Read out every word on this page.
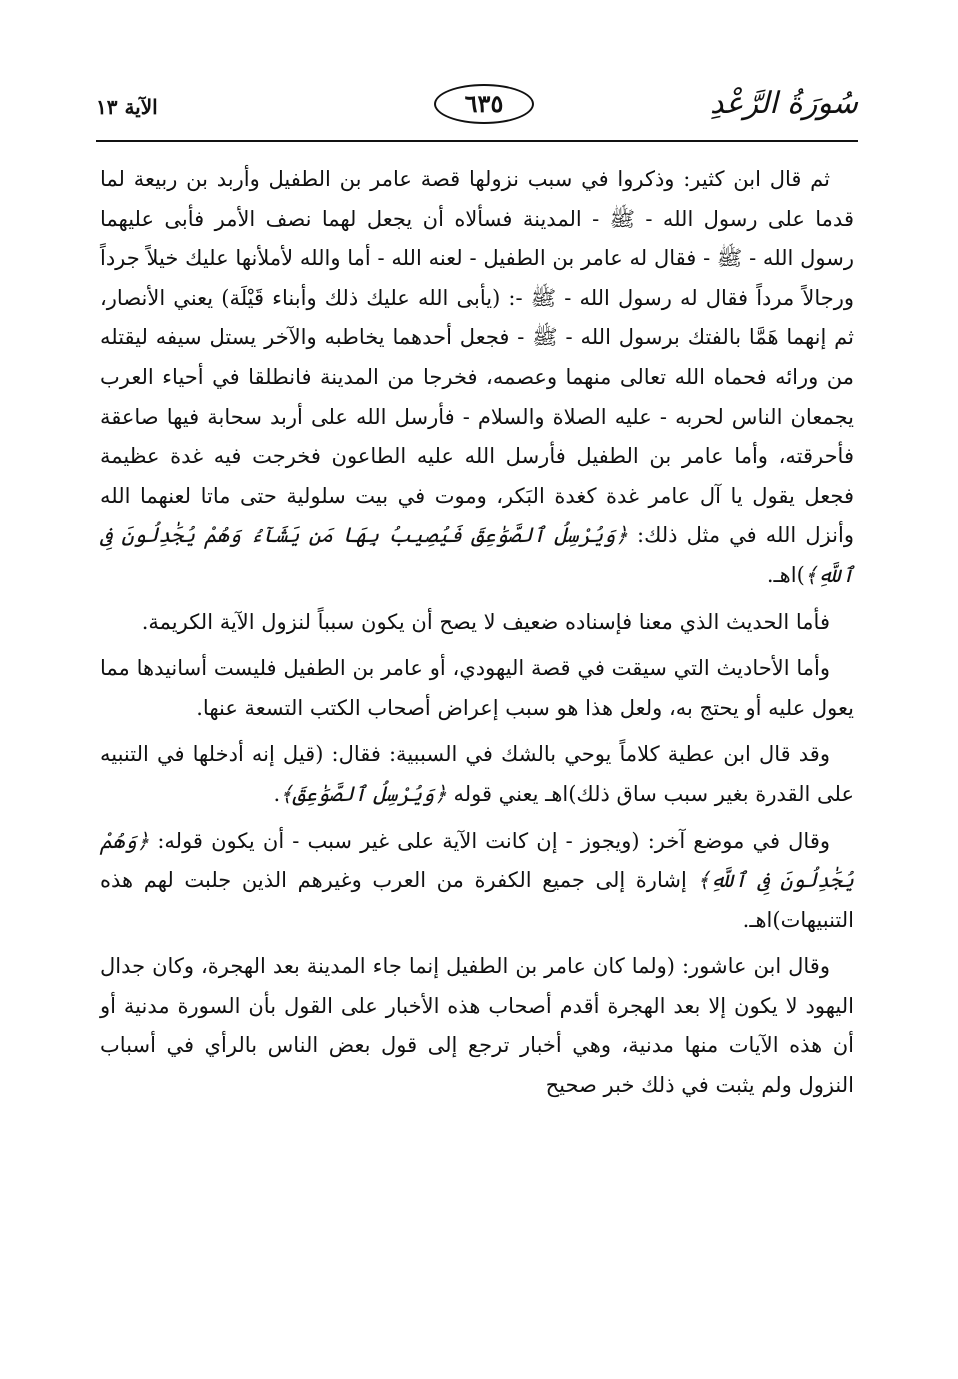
سُورَةُ الرَّعْدِ
٦٣٥
الآية ١٣

ثم قال ابن كثير: وذكروا في سبب نزولها قصة عامر بن الطفيل وأربد بن ربيعة لما قدما على رسول الله - ﷺ - المدينة فسألاه أن يجعل لهما نصف الأمر فأبى عليهما رسول الله - ﷺ - فقال له عامر بن الطفيل - لعنه الله - أما والله لأملأنها عليك خيلاً جرداً ورجالاً مرداً فقال له رسول الله - ﷺ -: (يأبى الله عليك ذلك وأبناء قَيْلَة) يعني الأنصار، ثم إنهما هَمَّا بالفتك برسول الله - ﷺ - فجعل أحدهما يخاطبه والآخر يستل سيفه ليقتله من ورائه فحماه الله تعالى منهما وعصمه، فخرجا من المدينة فانطلقا في أحياء العرب يجمعان الناس لحربه - عليه الصلاة والسلام - فأرسل الله على أربد سحابة فيها صاعقة فأحرقته، وأما عامر بن الطفيل فأرسل الله عليه الطاعون فخرجت فيه غدة عظيمة فجعل يقول يا آل عامر غدة كغدة البَكر، وموت في بيت سلولية حتى ماتا لعنهما الله وأنزل الله في مثل ذلك: ﴿وَيُرْسِلُ ٱلصَّوَٰعِقَ فَيُصِيبُ بِهَا مَن يَشَآءُ وَهُمْ يُجَٰدِلُونَ فِى ٱللَّهِ﴾)اهـ.

فأما الحديث الذي معنا فإسناده ضعيف لا يصح أن يكون سبباً لنزول الآية الكريمة.

وأما الأحاديث التي سيقت في قصة اليهودي، أو عامر بن الطفيل فليست أسانيدها مما يعول عليه أو يحتج به، ولعل هذا هو سبب إعراض أصحاب الكتب التسعة عنها.

وقد قال ابن عطية كلاماً يوحي بالشك في السببية: فقال: (قيل إنه أدخلها في التنبيه على القدرة بغير سبب ساق ذلك)اهـ يعني قوله ﴿وَيُرْسِلُ ٱلصَّوَٰعِقَ﴾.

وقال في موضع آخر: (ويجوز - إن كانت الآية على غير سبب - أن يكون قوله: ﴿وَهُمْ يُجَٰدِلُونَ فِى ٱللَّهِ﴾ إشارة إلى جميع الكفرة من العرب وغيرهم الذين جلبت لهم هذه التنبيهات)اهـ.

وقال ابن عاشور: (ولما كان عامر بن الطفيل إنما جاء المدينة بعد الهجرة، وكان جدال اليهود لا يكون إلا بعد الهجرة أقدم أصحاب هذه الأخبار على القول بأن السورة مدنية أو أن هذه الآيات منها مدنية، وهي أخبار ترجع إلى قول بعض الناس بالرأي في أسباب النزول ولم يثبت في ذلك خبر صحيح
